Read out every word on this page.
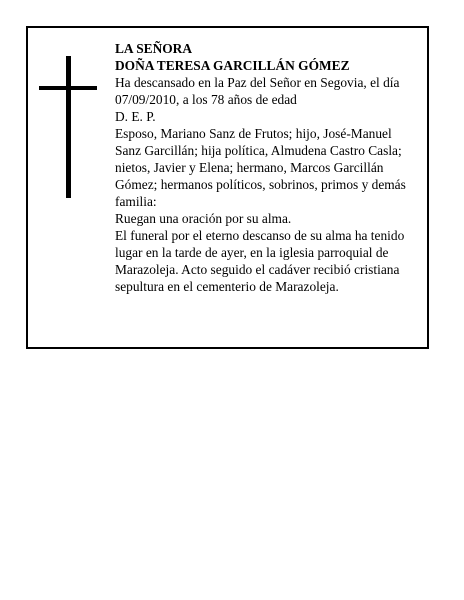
LA SEÑORA

DOÑA TERESA GARCILLÁN GÓMEZ

Ha descansado en la Paz del Señor en Segovia, el día 07/09/2010, a los 78 años de edad

D. E. P.

Esposo, Mariano Sanz de Frutos; hijo, José-Manuel Sanz Garcillán; hija política, Almudena Castro Casla; nietos, Javier y Elena; hermano, Marcos Garcillán Gómez; hermanos políticos, sobrinos, primos y demás familia:

Ruegan una oración por su alma.

El funeral por el eterno descanso de su alma ha tenido lugar en la tarde de ayer, en la iglesia parroquial de Marazoleja. Acto seguido el cadáver recibió cristiana sepultura en el cementerio de Marazoleja.
